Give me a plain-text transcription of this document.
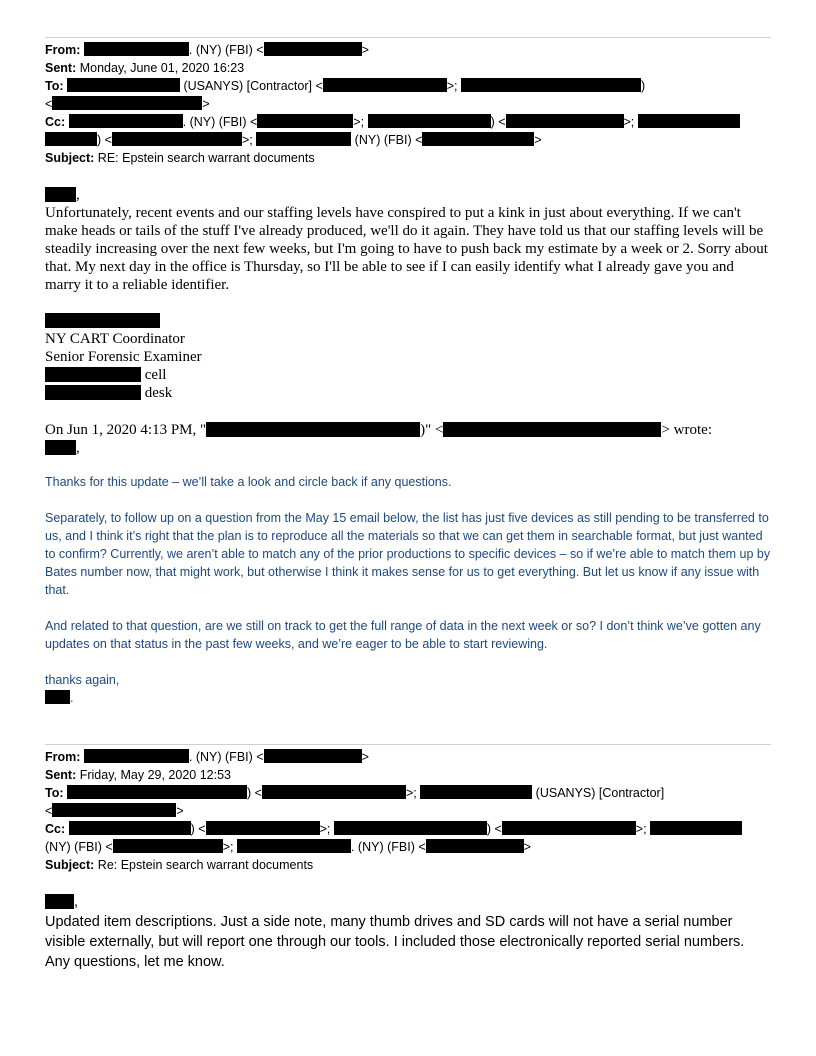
From:	. (NY) (FBI) <	>
Sent: Monday, June 01, 2020 16:23
To:	(USANYS) [Contractor] <	>;	)
<	>
Cc:	. (NY) (FBI) <	>;	) <	>;
) <	>;	(NY) (FBI) <	>
Subject: RE: Epstein search warrant documents
,
Unfortunately, recent events and our staffing levels have conspired to put a kink in just about everything. If we can't make heads or tails of the stuff I've already produced, we'll do it again. They have told us that our staffing levels will be steadily increasing over the next few weeks, but I'm going to have to push back my estimate by a week or 2. Sorry about that. My next day in the office is Thursday, so I'll be able to see if I can easily identify what I already gave you and marry it to a reliable identifier.
NY CART Coordinator
Senior Forensic Examiner
cell
desk
On Jun 1, 2020 4:13 PM, "	)" <	> wrote:
,
Thanks for this update – we’ll take a look and circle back if any questions.
Separately, to follow up on a question from the May 15 email below, the list has just five devices as still pending to be transferred to us, and I think it’s right that the plan is to reproduce all the materials so that we can get them in searchable format, but just wanted to confirm? Currently, we aren’t able to match any of the prior productions to specific devices – so if we’re able to match them up by Bates number now, that might work, but otherwise I think it makes sense for us to get everything. But let us know if any issue with that.
And related to that question, are we still on track to get the full range of data in the next week or so? I don’t think we’ve gotten any updates on that status in the past few weeks, and we’re eager to be able to start reviewing.
thanks again,
.
From:	. (NY) (FBI) <	>
Sent: Friday, May 29, 2020 12:53
To:	) <	>;	(USANYS) [Contractor]
<	>
Cc:	) <	>;	) <	>;
(NY) (FBI) <	>;	. (NY) (FBI) <	>
Subject: Re: Epstein search warrant documents
,
Updated item descriptions. Just a side note, many thumb drives and SD cards will not have a serial number visible externally, but will report one through our tools. I included those electronically reported serial numbers. Any questions, let me know.
